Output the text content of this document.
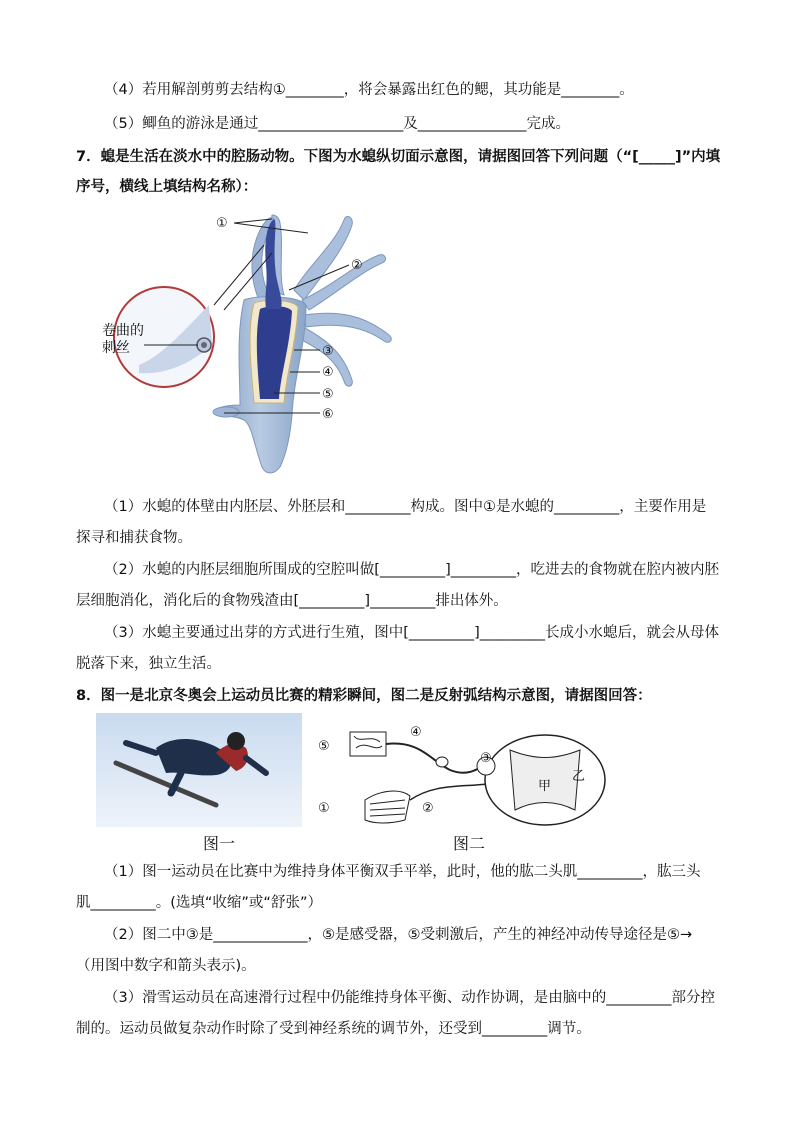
（4）若用解剖剪剪去结构①________，将会暴露出红色的鳃，其功能是________。
（5）鲫鱼的游泳是通过____________________及_______________完成。
7．螅是生活在淡水中的腔肠动物。下图为水螅纵切面示意图，请据图回答下列问题（“[_____]”内填
序号，横线上填结构名称）：
①
②
③
④
⑤
⑥
卷曲的
刺丝
（1）水螅的体壁由内胚层、外胚层和_________构成。图中①是水螅的_________，主要作用是
探寻和捕获食物。
（2）水螅的内胚层细胞所围成的空腔叫做[_________]_________，吃进去的食物就在腔内被内胚
层细胞消化，消化后的食物残渣由[_________]_________排出体外。
（3）水螅主要通过出芽的方式进行生殖，图中[_________]_________长成小水螅后，就会从母体
脱落下来，独立生活。
8．图一是北京冬奥会上运动员比赛的精彩瞬间，图二是反射弧结构示意图，请据图回答：
图一
⑤
④
③
①	②
甲
乙
图二
（1）图一运动员在比赛中为维持身体平衡双手平举，此时，他的肱二头肌_________，肱三头
肌_________。(选填“收缩”或“舒张”）
（2）图二中③是_____________，⑤是感受器，⑤受刺激后，产生的神经冲动传导途径是⑤→
（用图中数字和箭头表示)。
（3）滑雪运动员在高速滑行过程中仍能维持身体平衡、动作协调，是由脑中的_________部分控
制的。运动员做复杂动作时除了受到神经系统的调节外，还受到_________调节。
